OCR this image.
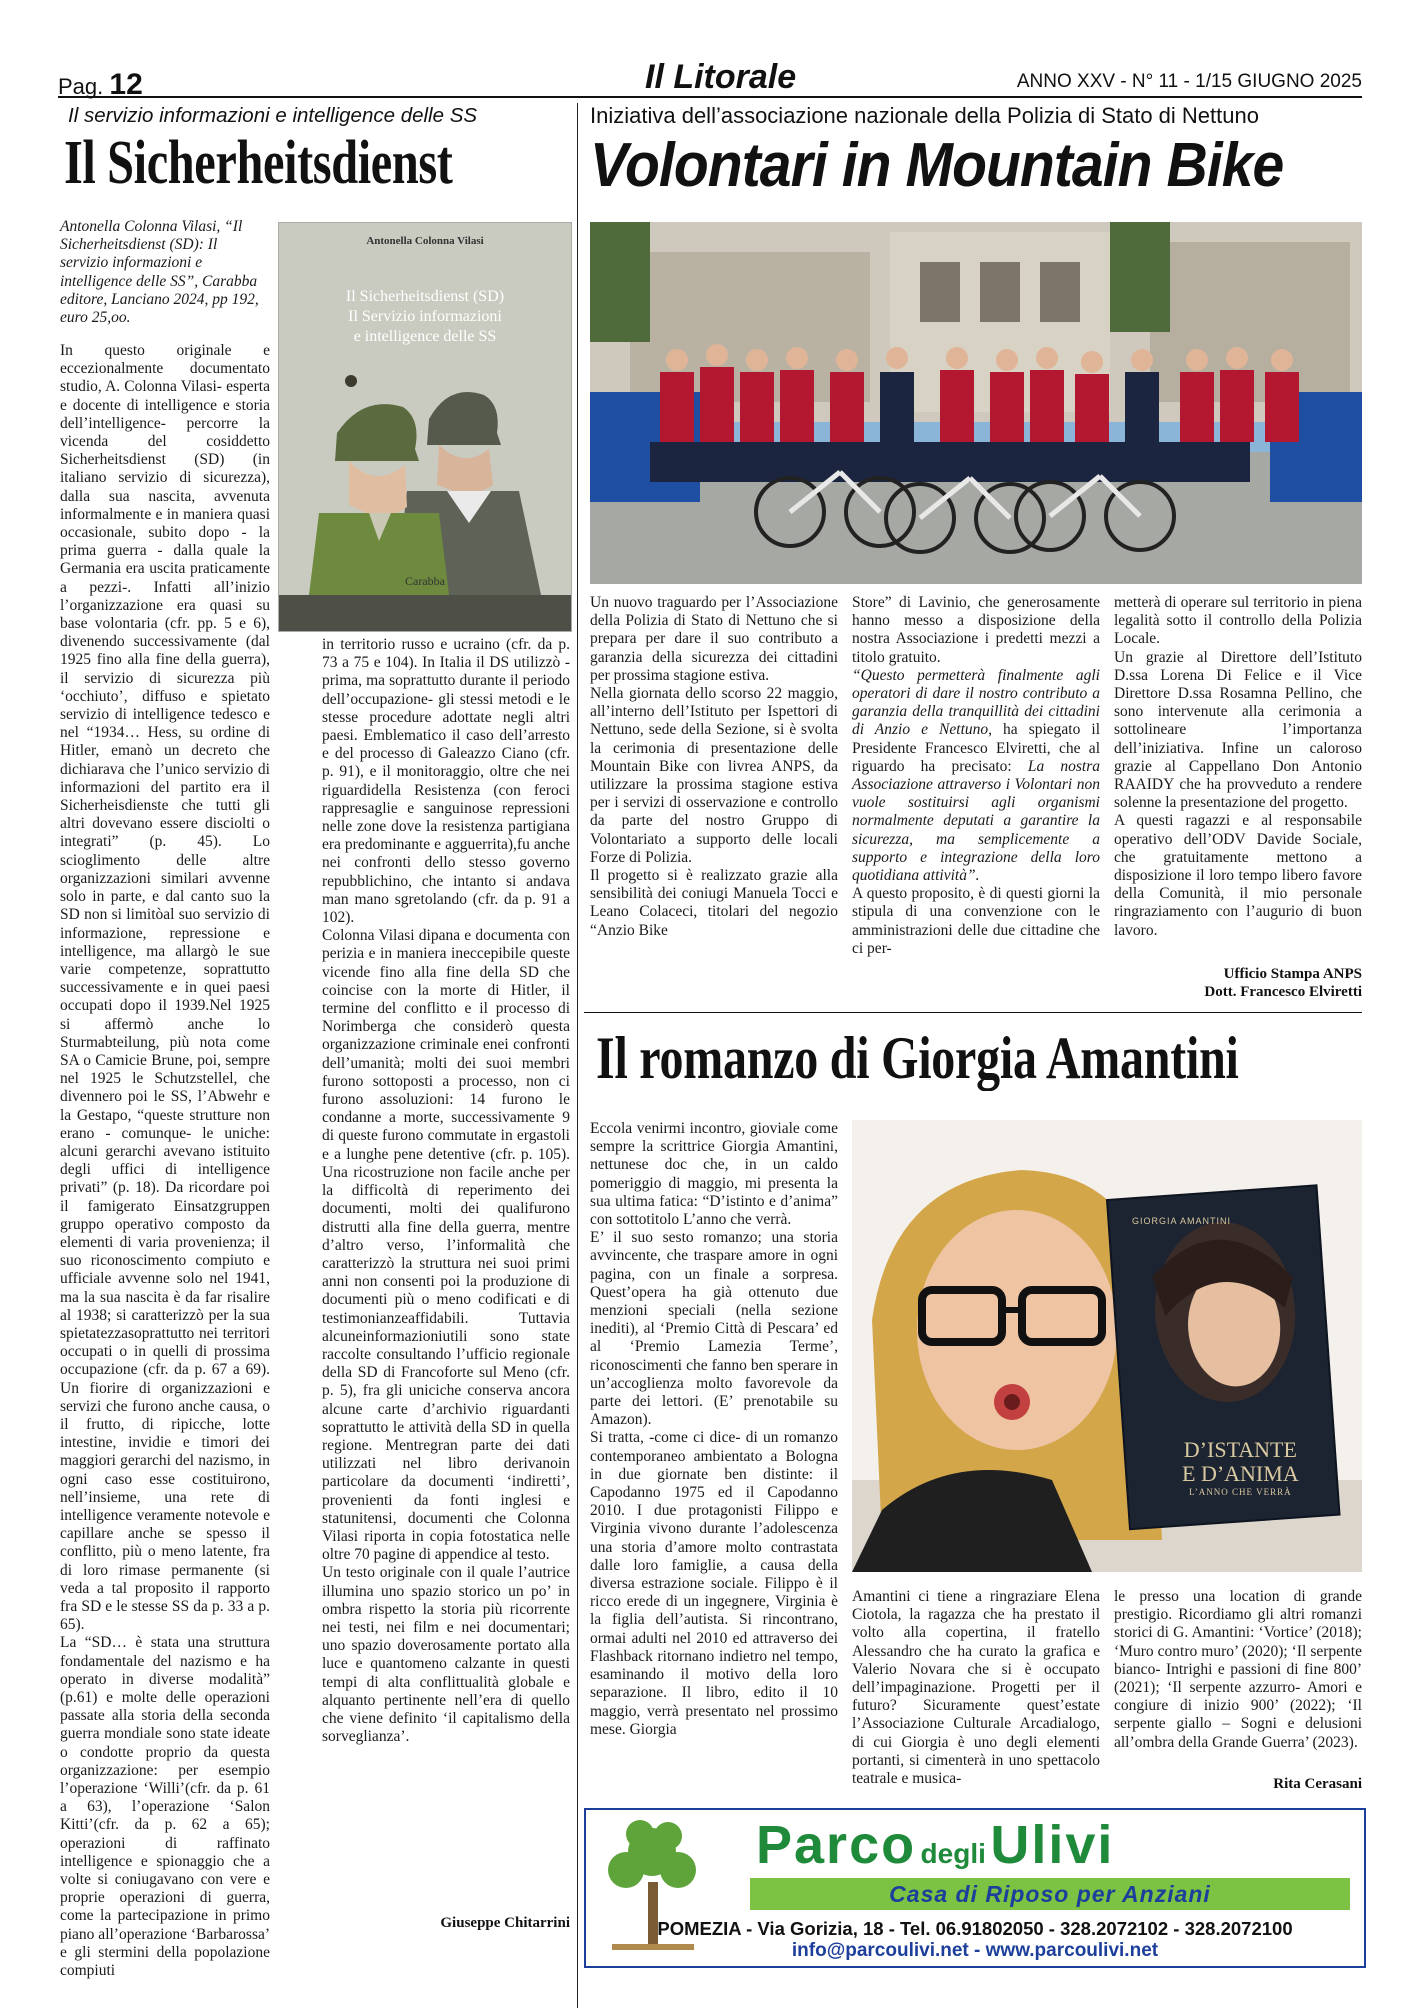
Pag. 12	Il Litorale	ANNO XXV - N° 11 - 1/15 GIUGNO 2025
Il servizio informazioni e intelligence delle SS
Il Sicherheitsdienst
Antonella Colonna Vilasi, “Il Sicherheitsdienst (SD): Il servizio informazioni e intelligence delle SS”, Carabba editore, Lanciano 2024, pp 192, euro 25,oo.
Antonella Colonna Vilasi
Il Sicherheitsdienst (SD)
Il Servizio informazioni
e intelligence delle SS
Carabba

In questo originale e eccezionalmente documentato studio, A. Colonna Vilasi- esperta e docente di intelligence e storia dell’intelligence- percorre la vicenda del cosiddetto Sicherheitsdienst (SD) (in italiano servizio di sicurezza), dalla sua nascita, avvenuta informalmente e in maniera quasi occasionale, subito dopo - la prima guerra - dalla quale la Germania era uscita praticamente a pezzi-. Infatti all’inizio l’organizzazione era quasi su base volontaria (cfr. pp. 5 e 6), divenendo successivamente (dal 1925 fino alla fine della guerra), il servizio di sicurezza più ‘occhiuto’, diffuso e spietato servizio di intelligence tedesco e nel “1934… Hess, su ordine di Hitler, emanò un decreto che dichiarava che l’unico servizio di informazioni del partito era il Sicherheisdienste che tutti gli altri dovevano essere disciolti o integrati” (p. 45). Lo scioglimento delle altre organizzazioni similari avvenne solo in parte, e dal canto suo la SD non si limitòal suo servizio di informazione, repressione e intelligence, ma allargò le sue varie competenze, soprattutto successivamente e in quei paesi occupati dopo il 1939.Nel 1925 si affermò anche lo Sturmabteilung, più nota come SA o Camicie Brune, poi, sempre nel 1925 le Schutzstellel, che divennero poi le SS, l’Abwehr e la Gestapo, “queste strutture non erano - comunque- le uniche: alcuni gerarchi avevano istituito degli uffici di intelligence privati” (p. 18). Da ricordare poi il famigerato Einsatzgruppen gruppo operativo composto da elementi di varia provenienza; il suo riconoscimento compiuto e ufficiale avvenne solo nel 1941, ma la sua nascita è da far risalire al 1938; si caratterizzò per la sua spietatezzasoprattutto nei territori occupati o in quelli di prossima occupazione (cfr. da p. 67 a 69). Un fiorire di organizzazioni e servizi che furono anche causa, o il frutto, di ripicche, lotte intestine, invidie e timori dei maggiori gerarchi del nazismo, in ogni caso esse costituirono, nell’insieme, una rete di intelligence veramente notevole e capillare anche se spesso il conflitto, più o meno latente, fra di loro rimase permanente (si veda a tal proposito il rapporto fra SD e le stesse SS da p. 33 a p. 65).

La “SD… è stata una struttura fondamentale del nazismo e ha operato in diverse modalità” (p.61) e molte delle operazioni passate alla storia della seconda guerra mondiale sono state ideate o condotte proprio da questa organizzazione: per esempio l’operazione ‘Willi’(cfr. da p. 61 a 63), l’operazione ‘Salon Kitti’(cfr. da p. 62 a 65); operazioni di raffinato intelligence e spionaggio che a volte si coniugavano con vere e proprie operazioni di guerra, come la partecipazione in primo piano all’operazione ‘Barbarossa’ e gli stermini della popolazione compiuti

in territorio russo e ucraino (cfr. da p. 73 a 75 e 104). In Italia il DS utilizzò -prima, ma soprattutto durante il periodo dell’occupazione- gli stessi metodi e le stesse procedure adottate negli altri paesi. Emblematico il caso dell’arresto e del processo di Galeazzo Ciano (cfr. p. 91), e il monitoraggio, oltre che nei riguardidella Resistenza (con feroci rappresaglie e sanguinose repressioni nelle zone dove la resistenza partigiana era predominante e agguerrita),fu anche nei confronti dello stesso governo repubblichino, che intanto si andava man mano sgretolando (cfr. da p. 91 a 102).

Colonna Vilasi dipana e documenta con perizia e in maniera ineccepibile queste vicende fino alla fine della SD che coincise con la morte di Hitler, il termine del conflitto e il processo di Norimberga che considerò questa organizzazione criminale enei confronti dell’umanità; molti dei suoi membri furono sottoposti a processo, non ci furono assoluzioni: 14 furono le condanne a morte, successivamente 9 di queste furono commutate in ergastoli e a lunghe pene detentive (cfr. p. 105). Una ricostruzione non facile anche per la difficoltà di reperimento dei documenti, molti dei qualifurono distrutti alla fine della guerra, mentre d’altro verso, l’informalità che caratterizzò la struttura nei suoi primi anni non consenti poi la produzione di documenti più o meno codificati e di testimonianzeaffidabili. Tuttavia alcuneinformazioniutili sono state raccolte consultando l’ufficio regionale della SD di Francoforte sul Meno (cfr. p. 5), fra gli uniciche conserva ancora alcune carte d’archivio riguardanti soprattutto le attività della SD in quella regione. Mentregran parte dei dati utilizzati nel libro derivanoin particolare da documenti ‘indiretti’, provenienti da fonti inglesi e statunitensi, documenti che Colonna Vilasi riporta in copia fotostatica nelle oltre 70 pagine di appendice al testo.

Un testo originale con il quale l’autrice illumina uno spazio storico un po’ in ombra rispetto la storia più ricorrente nei testi, nei film e nei documentari; uno spazio doverosamente portato alla luce e quantomeno calzante in questi tempi di alta conflittualità globale e alquanto pertinente nell’era di quello che viene definito ‘il capitalismo della sorveglianza’.

Giuseppe Chitarrini
Iniziativa dell’associazione nazionale della Polizia di Stato di Nettuno
Volontari in Mountain Bike

Un nuovo traguardo per l’Associazione della Polizia di Stato di Nettuno che si prepara per dare il suo contributo a garanzia della sicurezza dei cittadini per prossima stagione estiva.

Nella giornata dello scorso 22 maggio, all’interno dell’Istituto per Ispettori di Nettuno, sede della Sezione, si è svolta la cerimonia di presentazione delle Mountain Bike con livrea ANPS, da utilizzare la prossima stagione estiva per i servizi di osservazione e controllo da parte del nostro Gruppo di Volontariato a supporto delle locali Forze di Polizia.

Il progetto si è realizzato grazie alla sensibilità dei coniugi Manuela Tocci e Leano Colaceci, titolari del negozio “Anzio Bike

Store” di Lavinio, che generosamente hanno messo a disposizione della nostra Associazione i predetti mezzi a titolo gratuito.

“Questo permetterà finalmente agli operatori di dare il nostro contributo a garanzia della tranquillità dei cittadini di Anzio e Nettuno, ha spiegato il Presidente Francesco Elviretti, che al riguardo ha precisato: La nostra Associazione attraverso i Volontari non vuole sostituirsi agli organismi normalmente deputati a garantire la sicurezza, ma semplicemente a supporto e integrazione della loro quotidiana attività”.

A questo proposito, è di questi giorni la stipula di una convenzione con le amministrazioni delle due cittadine che ci per-

metterà di operare sul territorio in piena legalità sotto il controllo della Polizia Locale.

Un grazie al Direttore dell’Istituto D.ssa Lorena Di Felice e il Vice Direttore D.ssa Rosamna Pellino, che sono intervenute alla cerimonia a sottolineare l’importanza dell’iniziativa. Infine un caloroso grazie al Cappellano Don Antonio RAAIDY che ha provveduto a rendere solenne la presentazione del progetto.

A questi ragazzi e al responsabile operativo dell’ODV Davide Sociale, che gratuitamente mettono a disposizione il loro tempo libero favore della Comunità, il mio personale ringraziamento con l’augurio di buon lavoro.

Ufficio Stampa ANPS
Dott. Francesco Elviretti
Il romanzo di Giorgia Amantini

Eccola venirmi incontro, gioviale come sempre la scrittrice Giorgia Amantini, nettunese doc che, in un caldo pomeriggio di maggio, mi presenta la sua ultima fatica: “D’istinto e d’anima” con sottotitolo L’anno che verrà.

E’ il suo sesto romanzo; una storia avvincente, che traspare amore in ogni pagina, con un finale a sorpresa. Quest’opera ha già ottenuto due menzioni speciali (nella sezione inediti), al ‘Premio Città di Pescara’ ed al ‘Premio Lamezia Terme’, riconoscimenti che fanno ben sperare in un’accoglienza molto favorevole da parte dei lettori. (E’ prenotabile su Amazon).

Si tratta, -come ci dice- di un romanzo contemporaneo ambientato a Bologna in due giornate ben distinte: il Capodanno 1975 ed il Capodanno 2010. I due protagonisti Filippo e Virginia vivono durante l’adolescenza una storia d’amore molto contrastata dalle loro famiglie, a causa della diversa estrazione sociale. Filippo è il ricco erede di un ingegnere, Virginia è la figlia dell’autista. Si rincontrano, ormai adulti nel 2010 ed attraverso dei Flashback ritornano indietro nel tempo, esaminando il motivo della loro separazione. Il libro, edito il 10 maggio, verrà presentato nel prossimo mese. Giorgia

GIORGIA AMANTINI
D’ISTANTE
E D’ANIMA
L’ANNO CHE VERRÀ

Amantini ci tiene a ringraziare Elena Ciotola, la ragazza che ha prestato il volto alla copertina, il fratello Alessandro che ha curato la grafica e Valerio Novara che si è occupato dell’impaginazione. Progetti per il futuro? Sicuramente quest’estate l’Associazione Culturale Arcadialogo, di cui Giorgia è uno degli elementi portanti, si cimenterà in uno spettacolo teatrale e musica-

le presso una location di grande prestigio. Ricordiamo gli altri romanzi storici di G. Amantini: ‘Vortice’ (2018); ‘Muro contro muro’ (2020); ‘Il serpente bianco- Intrighi e passioni di fine 800’ (2021); ‘Il serpente azzurro- Amori e congiure di inizio 900’ (2022); ‘Il serpente giallo – Sogni e delusioni all’ombra della Grande Guerra’ (2023).

Rita Cerasani
Parco degli Ulivi
Casa di Riposo per Anziani
POMEZIA - Via Gorizia, 18 - Tel. 06.91802050 - 328.2072102 - 328.2072100
info@parcoulivi.net - www.parcoulivi.net
